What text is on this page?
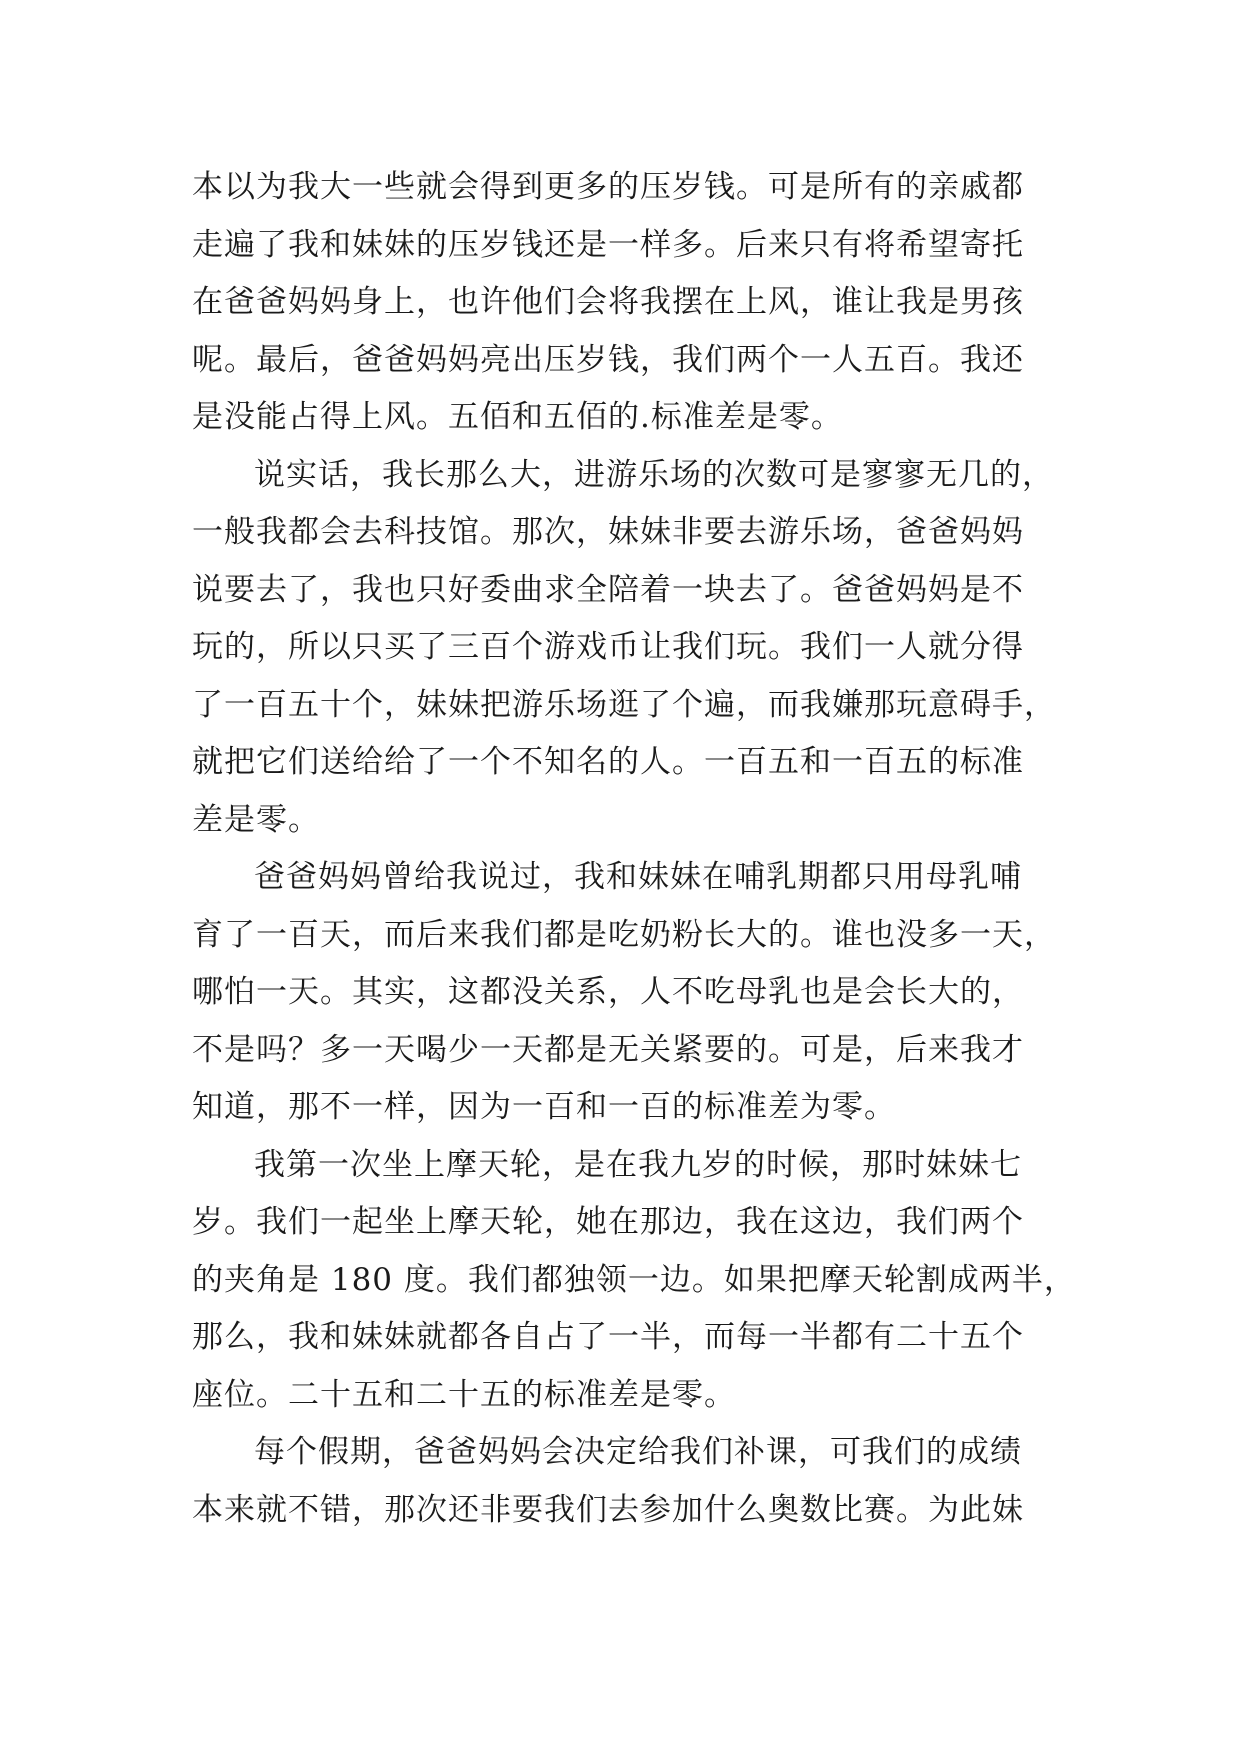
本以为我大一些就会得到更多的压岁钱。可是所有的亲戚都
走遍了我和妹妹的压岁钱还是一样多。后来只有将希望寄托
在爸爸妈妈身上，也许他们会将我摆在上风，谁让我是男孩
呢。最后，爸爸妈妈亮出压岁钱，我们两个一人五百。我还
是没能占得上风。五佰和五佰的.标准差是零。
说实话，我长那么大，进游乐场的次数可是寥寥无几的，
一般我都会去科技馆。那次，妹妹非要去游乐场，爸爸妈妈
说要去了，我也只好委曲求全陪着一块去了。爸爸妈妈是不
玩的，所以只买了三百个游戏币让我们玩。我们一人就分得
了一百五十个，妹妹把游乐场逛了个遍，而我嫌那玩意碍手，
就把它们送给给了一个不知名的人。一百五和一百五的标准
差是零。
爸爸妈妈曾给我说过，我和妹妹在哺乳期都只用母乳哺
育了一百天，而后来我们都是吃奶粉长大的。谁也没多一天，
哪怕一天。其实，这都没关系，人不吃母乳也是会长大的，
不是吗？多一天喝少一天都是无关紧要的。可是，后来我才
知道，那不一样，因为一百和一百的标准差为零。
我第一次坐上摩天轮，是在我九岁的时候，那时妹妹七
岁。我们一起坐上摩天轮，她在那边，我在这边，我们两个
的夹角是 180 度。我们都独领一边。如果把摩天轮割成两半，
那么，我和妹妹就都各自占了一半，而每一半都有二十五个
座位。二十五和二十五的标准差是零。
每个假期，爸爸妈妈会决定给我们补课，可我们的成绩
本来就不错，那次还非要我们去参加什么奥数比赛。为此妹
